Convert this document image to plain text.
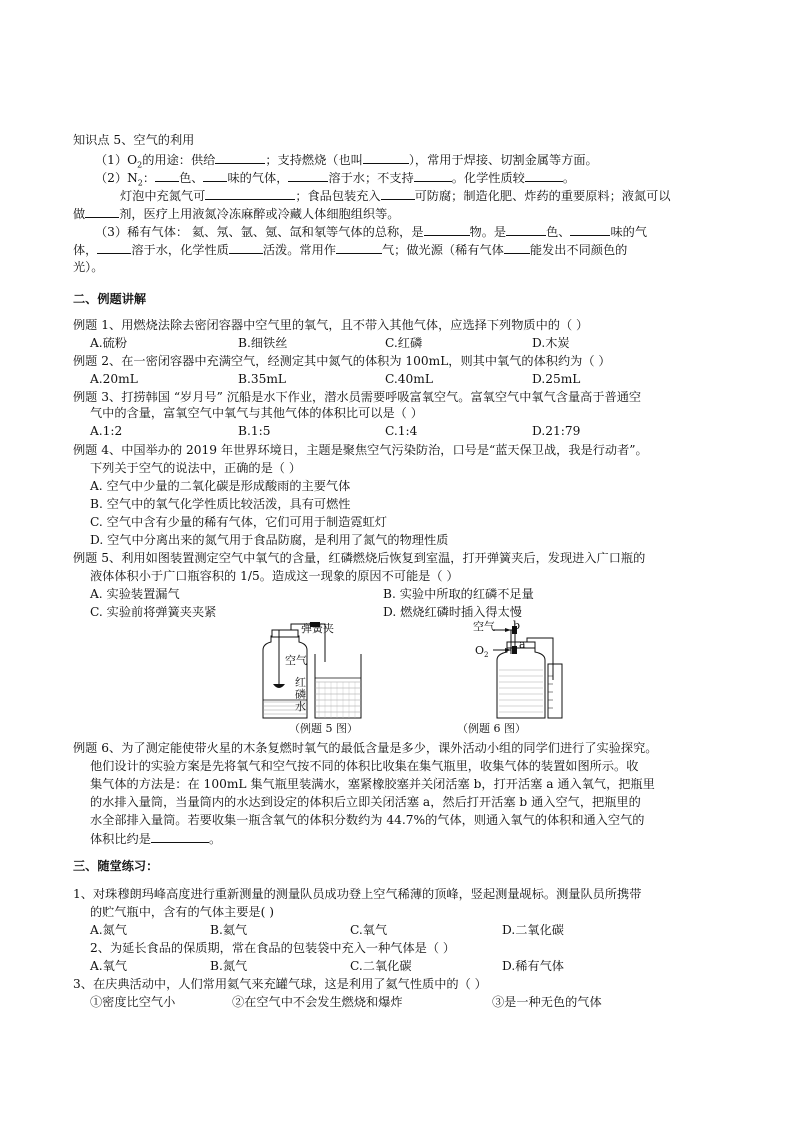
知识点 5、空气的利用
$(1)O_2$的用途：供给	；支持燃烧（也叫	），常用于焊接、切割金属等方面。
$(2)N_2$： 色、 味的气体，	溶于水；不支持	。化学性质较	。
灯泡中充氮气可	；食品包装充入	可防腐；制造化肥、炸药的重要原料；液氮可以
做	剂，医疗上用液氮冷冻麻醉或冷藏人体细胞组织等。
（3）稀有气体： 氦、氖、氩、氪、氙和氡等气体的总称，是	物。是	色、	味的气
体，	溶于水，化学性质	活泼。常用作	气；做光源（稀有气体 能发出不同颜色的
光）。
二、例题讲解
例题 1、用燃烧法除去密闭容器中空气里的氧气，且不带入其他气体，应选择下列物质中的（ ）
A.硫粉	B.细铁丝	C.红磷	D.木炭
例题 2、在一密闭容器中充满空气，经测定其中氮气的体积为 100mL，则其中氧气的体积约为（ ）
A.20mL	B.35mL	C.40mL	D.25mL
例题 3、打捞韩国 “岁月号” 沉船是水下作业，潜水员需要呼吸富氧空气。富氧空气中氧气含量高于普通空
气中的含量，富氧空气中氧气与其他气体的体积比可以是（ ）
A.1:2	B.1:5	C.1:4	D.21:79
例题 4、中国举办的 2019 年世界环境日，主题是聚焦空气污染防治，口号是“蓝天保卫战，我是行动者”。
下列关于空气的说法中，正确的是（ ）
A. 空气中少量的二氧化碳是形成酸雨的主要气体
B. 空气中的氧气化学性质比较活泼，具有可燃性
C. 空气中含有少量的稀有气体，它们可用于制造霓虹灯
D. 空气中分离出来的氮气用于食品防腐，是利用了氮气的物理性质
例题 5、利用如图装置测定空气中氧气的含量，红磷燃烧后恢复到室温，打开弹簧夹后，发现进入广口瓶的
液体体积小于广口瓶容积的 1/5。造成这一现象的原因不可能是（ ）
A. 实验装置漏气	B. 实验中所取的红磷不足量
C. 实验前将弹簧夹夹紧	D. 燃烧红磷时插入得太慢
弹簧夹
空气
红
磷
水
（例题 5 图）
空气 b
a
$O_2$
（例题 6 图）
例题 6、为了测定能使带火星的木条复燃时氧气的最低含量是多少，课外活动小组的同学们进行了实验探究。
他们设计的实验方案是先将氧气和空气按不同的体积比收集在集气瓶里，收集气体的装置如图所示。收
集气体的方法是：在 100mL 集气瓶里装满水，塞紧橡胶塞并关闭活塞 b，打开活塞 a 通入氧气，把瓶里
的水排入量筒，当量筒内的水达到设定的体积后立即关闭活塞 a，然后打开活塞 b 通入空气，把瓶里的
水全部排入量筒。若要收集一瓶含氧气的体积分数约为 44.7%的气体，则通入氧气的体积和通入空气的
体积比约是	。
三、随堂练习：
1、对珠穆朗玛峰高度进行重新测量的测量队员成功登上空气稀薄的顶峰，竖起测量觇标。测量队员所携带
的贮气瓶中，含有的气体主要是( )
A.氮气	B.氦气	C.氧气	D.二氧化碳
2、为延长食品的保质期，常在食品的包装袋中充入一种气体是（ ）
A.氧气	B.氮气	C.二氧化碳	D.稀有气体
3、在庆典活动中，人们常用氦气来充罐气球，这是利用了氦气性质中的（ ）
①密度比空气小	②在空气中不会发生燃烧和爆炸	③是一种无色的气体
